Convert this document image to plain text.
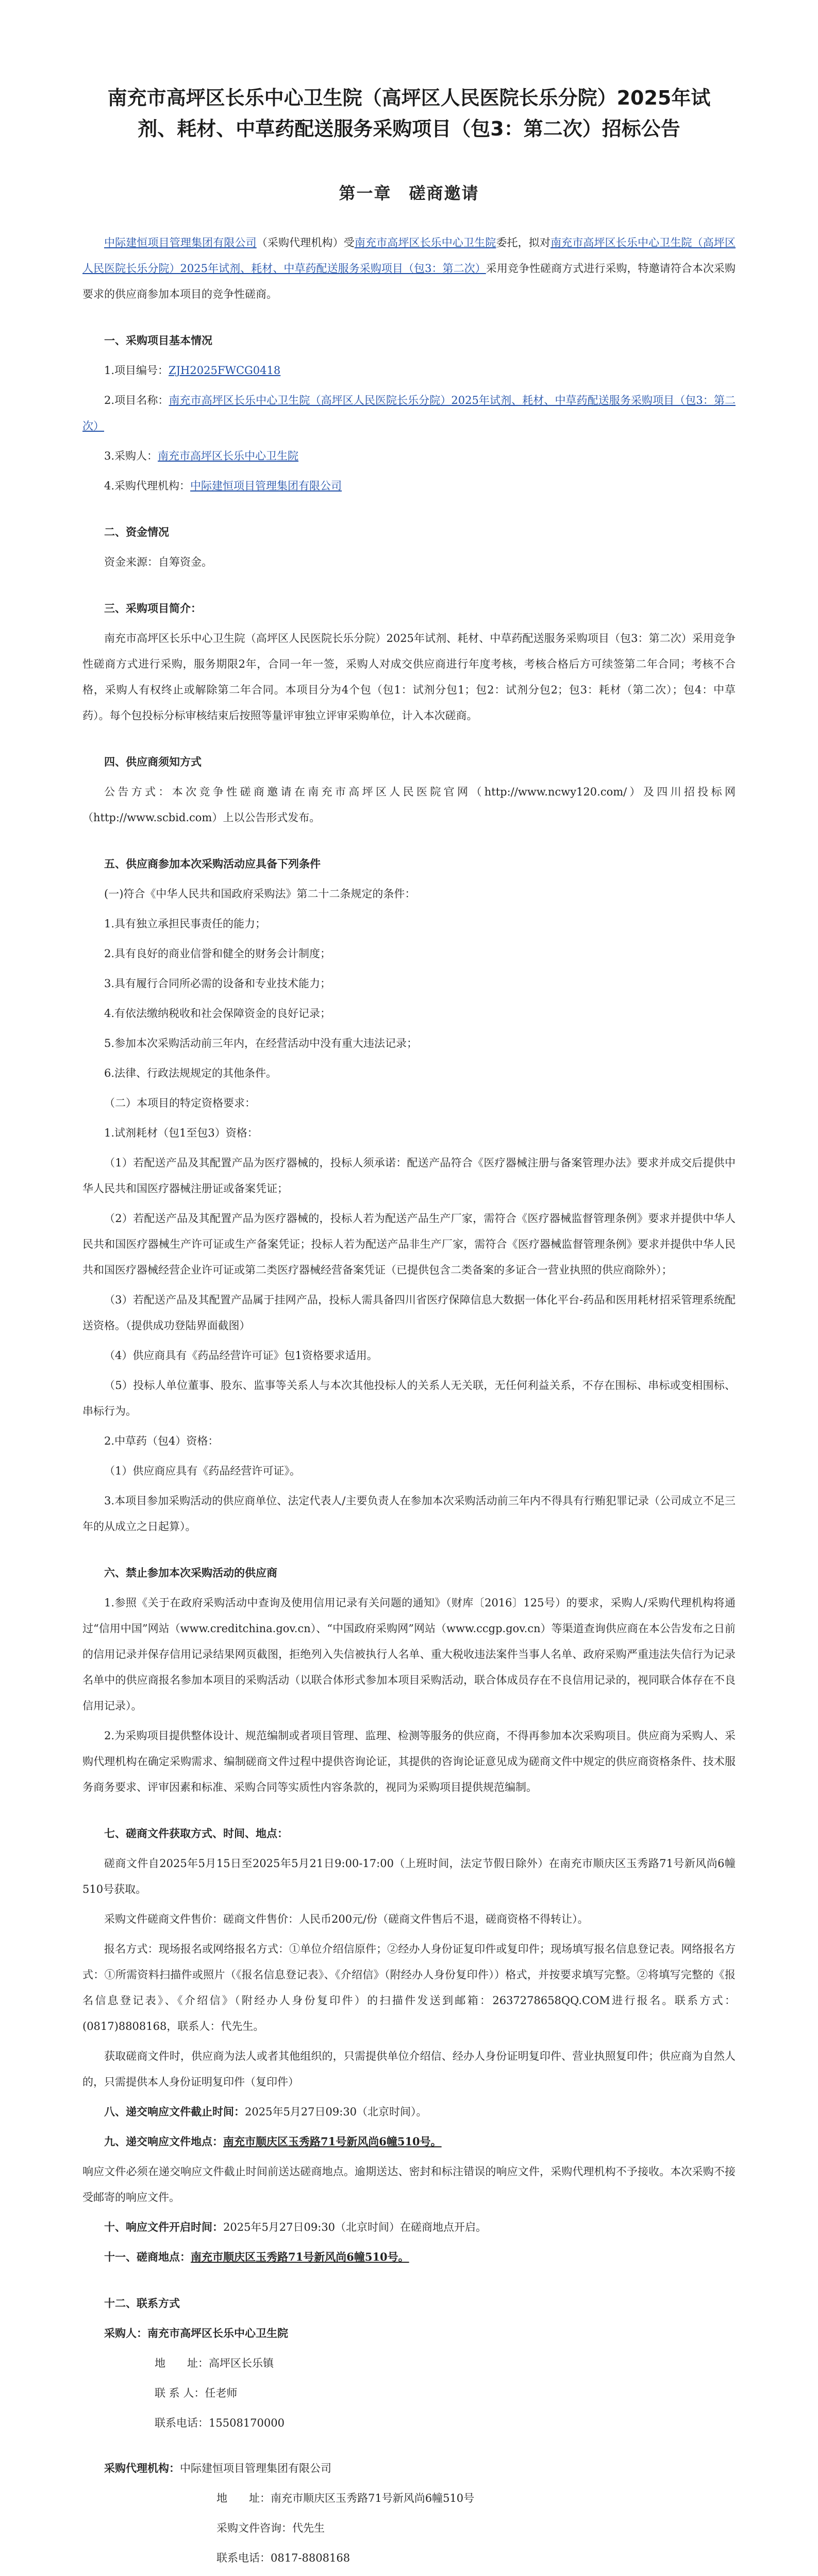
南充市高坪区长乐中心卫生院（高坪区人民医院长乐分院）2025年试剂、耗材、中草药配送服务采购项目（包3：第二次）招标公告
第一章　磋商邀请

中际建恒项目管理集团有限公司（采购代理机构）受南充市高坪区长乐中心卫生院委托，拟对南充市高坪区长乐中心卫生院（高坪区人民医院长乐分院）2025年试剂、耗材、中草药配送服务采购项目（包3：第二次）采用竞争性磋商方式进行采购，特邀请符合本次采购要求的供应商参加本项目的竞争性磋商。

一、采购项目基本情况

1.项目编号：ZJH2025FWCG0418

2.项目名称：南充市高坪区长乐中心卫生院（高坪区人民医院长乐分院）2025年试剂、耗材、中草药配送服务采购项目（包3：第二次）

3.采购人：南充市高坪区长乐中心卫生院

4.采购代理机构：中际建恒项目管理集团有限公司

二、资金情况

资金来源：自筹资金。

三、采购项目简介：

南充市高坪区长乐中心卫生院（高坪区人民医院长乐分院）2025年试剂、耗材、中草药配送服务采购项目（包3：第二次）采用竞争性磋商方式进行采购，服务期限2年，合同一年一签，采购人对成交供应商进行年度考核，考核合格后方可续签第二年合同；考核不合格，采购人有权终止或解除第二年合同。本项目分为4个包（包1：试剂分包1；包2：试剂分包2；包3：耗材（第二次）；包4：中草药）。每个包投标分标审核结束后按照等量评审独立评审采购单位，计入本次磋商。

四、供应商须知方式

公告方式：本次竞争性磋商邀请在南充市高坪区人民医院官网（http://www.ncwy120.com/）及四川招投标网（http://www.scbid.com）上以公告形式发布。

五、供应商参加本次采购活动应具备下列条件

(一)符合《中华人民共和国政府采购法》第二十二条规定的条件：

1.具有独立承担民事责任的能力；

2.具有良好的商业信誉和健全的财务会计制度；

3.具有履行合同所必需的设备和专业技术能力；

4.有依法缴纳税收和社会保障资金的良好记录；

5.参加本次采购活动前三年内，在经营活动中没有重大违法记录；

6.法律、行政法规规定的其他条件。

（二）本项目的特定资格要求：

1.试剂耗材（包1至包3）资格：

（1）若配送产品及其配置产品为医疗器械的，投标人须承诺：配送产品符合《医疗器械注册与备案管理办法》要求并成交后提供中华人民共和国医疗器械注册证或备案凭证；

（2）若配送产品及其配置产品为医疗器械的，投标人若为配送产品生产厂家，需符合《医疗器械监督管理条例》要求并提供中华人民共和国医疗器械生产许可证或生产备案凭证；投标人若为配送产品非生产厂家，需符合《医疗器械监督管理条例》要求并提供中华人民共和国医疗器械经营企业许可证或第二类医疗器械经营备案凭证（已提供包含二类备案的多证合一营业执照的供应商除外）；

（3）若配送产品及其配置产品属于挂网产品，投标人需具备四川省医疗保障信息大数据一体化平台-药品和医用耗材招采管理系统配送资格。（提供成功登陆界面截图）

（4）供应商具有《药品经营许可证》包1资格要求适用。

（5）投标人单位董事、股东、监事等关系人与本次其他投标人的关系人无关联，无任何利益关系，不存在围标、串标或变相围标、串标行为。

2.中草药（包4）资格：

（1）供应商应具有《药品经营许可证》。

3.本项目参加采购活动的供应商单位、法定代表人/主要负责人在参加本次采购活动前三年内不得具有行贿犯罪记录（公司成立不足三年的从成立之日起算）。

六、禁止参加本次采购活动的供应商

1.参照《关于在政府采购活动中查询及使用信用记录有关问题的通知》（财库〔2016〕125号）的要求，采购人/采购代理机构将通过“信用中国”网站（www.creditchina.gov.cn）、“中国政府采购网”网站（www.ccgp.gov.cn）等渠道查询供应商在本公告发布之日前的信用记录并保存信用记录结果网页截图，拒绝列入失信被执行人名单、重大税收违法案件当事人名单、政府采购严重违法失信行为记录名单中的供应商报名参加本项目的采购活动（以联合体形式参加本项目采购活动，联合体成员存在不良信用记录的，视同联合体存在不良信用记录）。

2.为采购项目提供整体设计、规范编制或者项目管理、监理、检测等服务的供应商，不得再参加本次采购项目。供应商为采购人、采购代理机构在确定采购需求、编制磋商文件过程中提供咨询论证，其提供的咨询论证意见成为磋商文件中规定的供应商资格条件、技术服务商务要求、评审因素和标准、采购合同等实质性内容条款的，视同为采购项目提供规范编制。

七、磋商文件获取方式、时间、地点：

磋商文件自2025年5月15日至2025年5月21日9:00-17:00（上班时间，法定节假日除外）在南充市顺庆区玉秀路71号新风尚6幢510号获取。

采购文件磋商文件售价：磋商文件售价：人民币200元/份（磋商文件售后不退，磋商资格不得转让）。

报名方式：现场报名或网络报名方式：①单位介绍信原件；②经办人身份证复印件或复印件；现场填写报名信息登记表。网络报名方式：①所需资料扫描件或照片（《报名信息登记表》、《介绍信》（附经办人身份复印件））格式，并按要求填写完整。②将填写完整的《报名信息登记表》、《介绍信》（附经办人身份复印件）的扫描件发送到邮箱：2637278658QQ.COM进行报名。联系方式：(0817)8808168，联系人：代先生。

获取磋商文件时，供应商为法人或者其他组织的，只需提供单位介绍信、经办人身份证明复印件、营业执照复印件；供应商为自然人的，只需提供本人身份证明复印件（复印件）

八、递交响应文件截止时间：2025年5月27日09:30（北京时间）。

九、递交响应文件地点：南充市顺庆区玉秀路71号新风尚6幢510号。

响应文件必须在递交响应文件截止时间前送达磋商地点。逾期送达、密封和标注错误的响应文件，采购代理机构不予接收。本次采购不接受邮寄的响应文件。

十、响应文件开启时间：2025年5月27日09:30（北京时间）在磋商地点开启。

十一、磋商地点：南充市顺庆区玉秀路71号新风尚6幢510号。

十二、联系方式

采购人：南充市高坪区长乐中心卫生院

地　　址：高坪区长乐镇

联 系 人：任老师

联系电话：15508170000

采购代理机构：中际建恒项目管理集团有限公司

地　　址：南充市顺庆区玉秀路71号新风尚6幢510号

采购文件咨询：代先生

联系电话：0817-8808168
